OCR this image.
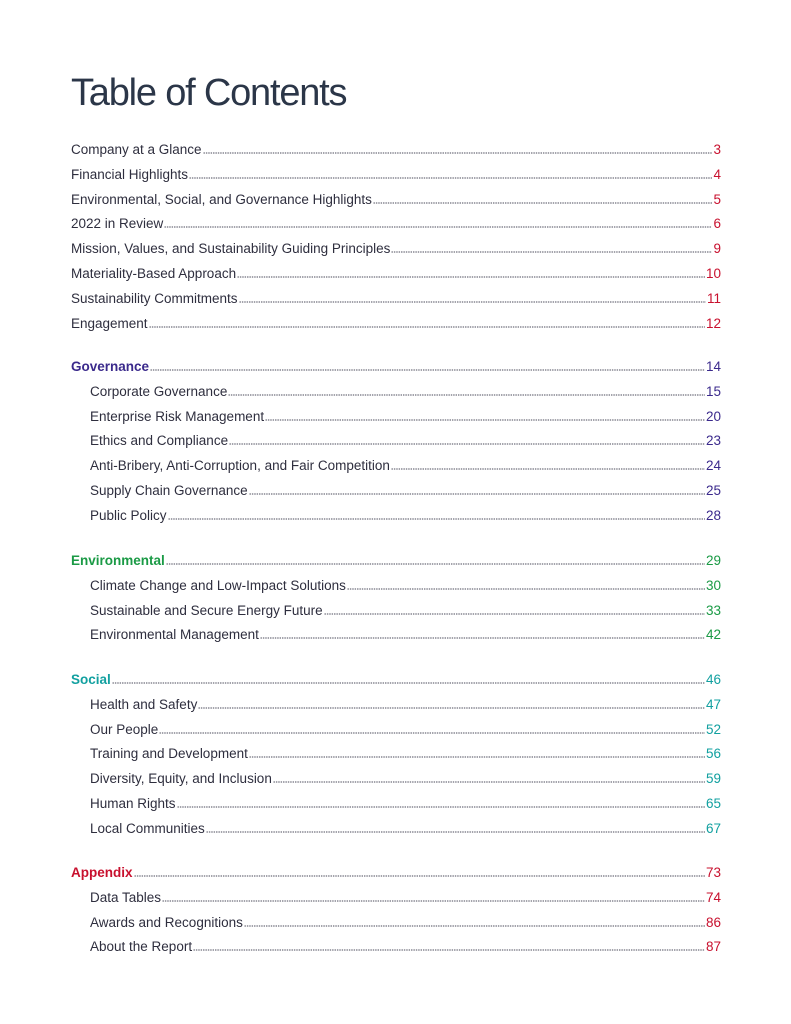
Table of Contents
Company at a Glance	3
Financial Highlights	4
Environmental, Social, and Governance Highlights	5
2022 in Review	6
Mission, Values, and Sustainability Guiding Principles	9
Materiality-Based Approach	10
Sustainability Commitments	11
Engagement	12
Governance	14
Corporate Governance	15
Enterprise Risk Management	20
Ethics and Compliance	23
Anti-Bribery, Anti-Corruption, and Fair Competition	24
Supply Chain Governance	25
Public Policy	28
Environmental	29
Climate Change and Low-Impact Solutions	30
Sustainable and Secure Energy Future	33
Environmental Management	42
Social	46
Health and Safety	47
Our People	52
Training and Development	56
Diversity, Equity, and Inclusion	59
Human Rights	65
Local Communities	67
Appendix	73
Data Tables	74
Awards and Recognitions	86
About the Report	87
